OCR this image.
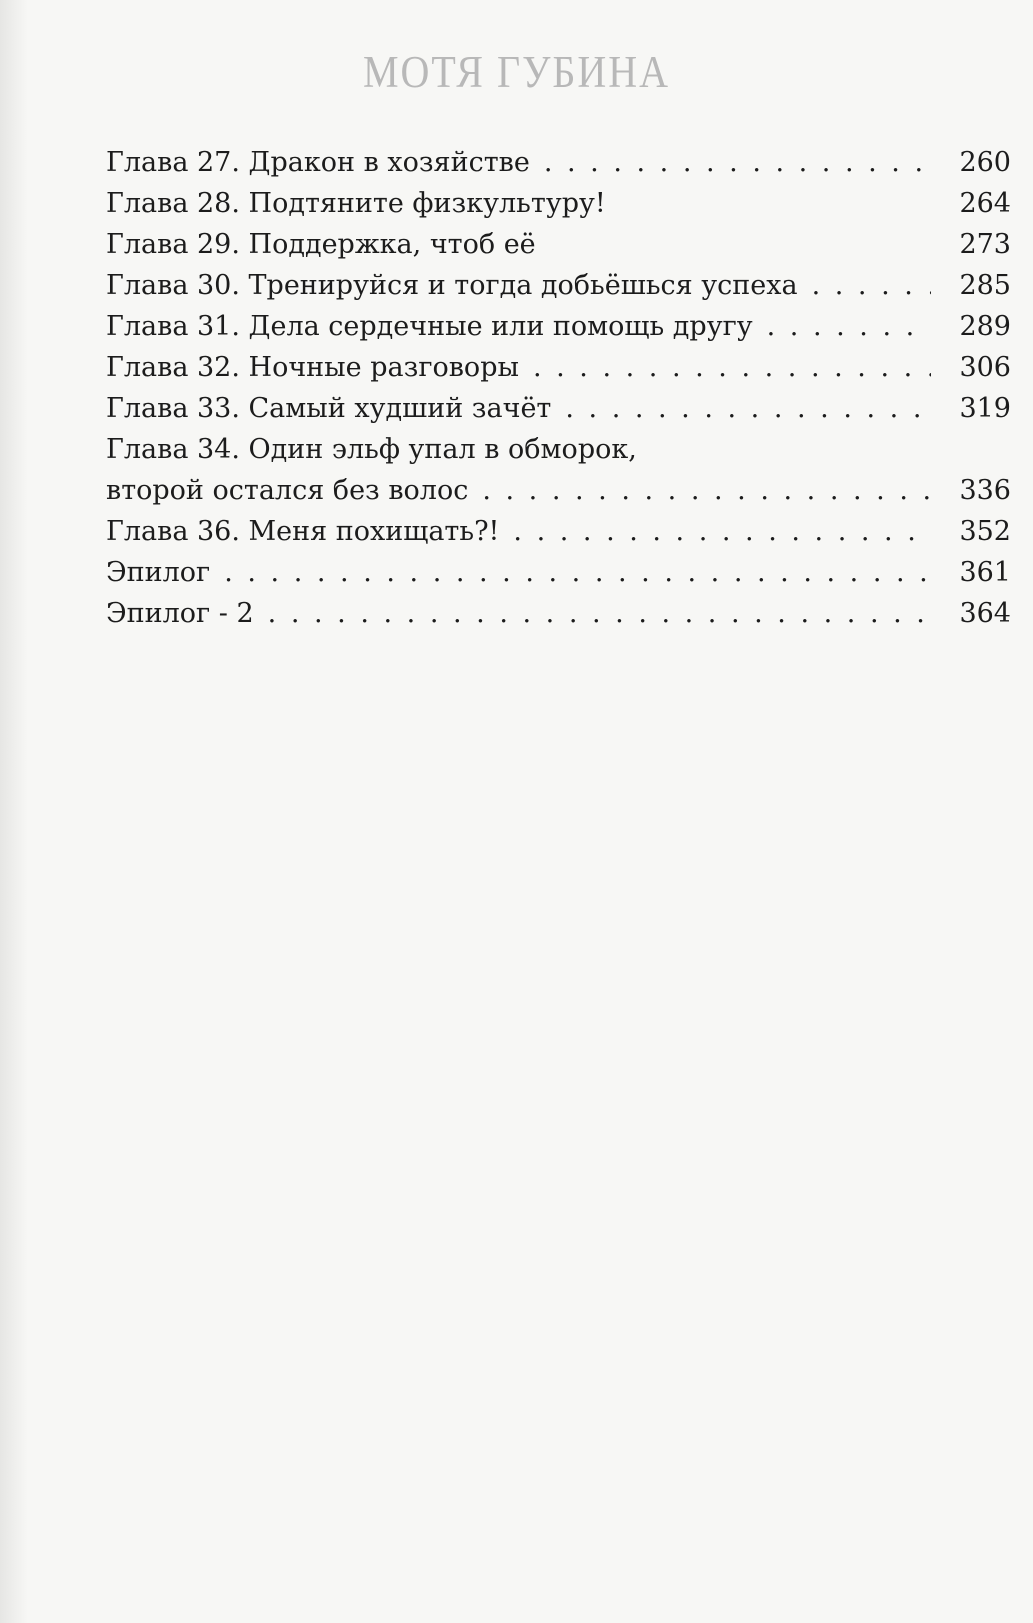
МОТЯ ГУБИНА
Глава 27. Дракон в хозяйстве . . .	260
Глава 28. Подтяните физкультуру!	264
Глава 29. Поддержка, чтоб её	273
Глава 30. Тренируйся и тогда добьёшься успеха . . .	285
Глава 31. Дела сердечные или помощь другу . . .	289
Глава 32. Ночные разговоры . . .	306
Глава 33. Самый худший зачёт . . .	319
Глава 34. Один эльф упал в обморок,
второй остался без волос . . .	336
Глава 36. Меня похищать?! . . .	352
Эпилог . . .	361
Эпилог - 2 . . .	364
